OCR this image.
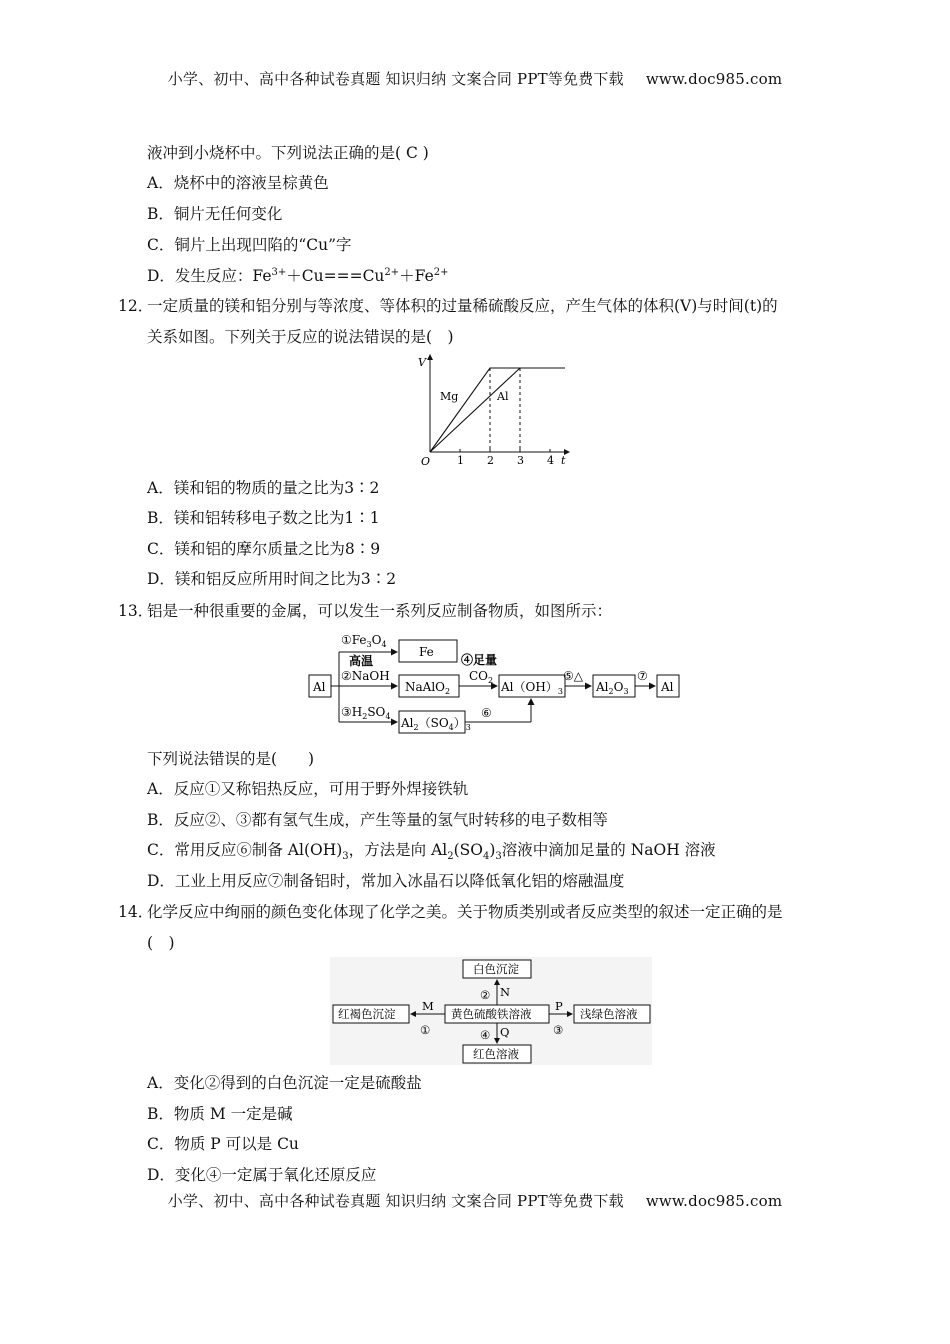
小学、初中、高中各种试卷真题 知识归纳 文案合同 PPT等免费下载 www.doc985.com
液冲到小烧杯中。下列说法正确的是( C )
A．烧杯中的溶液呈棕黄色
B．铜片无任何变化
C．铜片上出现凹陷的“Cu”字
D．发生反应：$Fe^{3+}+Cu===Cu^{2+}+Fe^{2+}$
12．
一定质量的镁和铝分别与等浓度、等体积的过量稀硫酸反应，产生气体的体积(V)与时间(t)的
关系如图。下列关于反应的说法错误的是(　)
1 2 3 4
V
t
O
Mg	Al
A．镁和铝的物质的量之比为3∶2
B．镁和铝转移电子数之比为1∶1
C．镁和铝的摩尔质量之比为8∶9
D．镁和铝反应所用时间之比为3∶2
13．
铝是一种很重要的金属，可以发生一系列反应制备物质，如图所示：
Al
$①Fe_3O_4$
高温
Fe
②NaOH
NaAlO$_2$
④足量
$CO_2$ $Al(OH)_3$
⑤△
$Al_2O_3$
⑦
Al
$③H_2SO_4$ $Al_2(SO_4)_3$
⑥
下列说法错误的是(　　)
A．反应①又称铝热反应，可用于野外焊接铁轨
B．反应②、③都有氢气生成，产生等量的氢气时转移的电子数相等
C．常用反应⑥制备 $Al(OH)_3$，方法是向 $Al_2(SO_4)_3$溶液中滴加足量的 NaOH 溶液
D．工业上用反应⑦制备铝时，常加入冰晶石以降低氧化铝的熔融温度
14．
化学反应中绚丽的颜色变化体现了化学之美。关于物质类别或者反应类型的叙述一定正确的是
(　)
白色沉淀
黄色硫酸铁溶液
红褐色沉淀	浅绿色溶液
红色溶液
N
②
M
①
P
③
Q
④
A．变化②得到的白色沉淀一定是硫酸盐
B．物质 M 一定是碱
C．物质 P 可以是 Cu
D．变化④一定属于氧化还原反应
小学、初中、高中各种试卷真题 知识归纳 文案合同 PPT等免费下载 www.doc985.com
